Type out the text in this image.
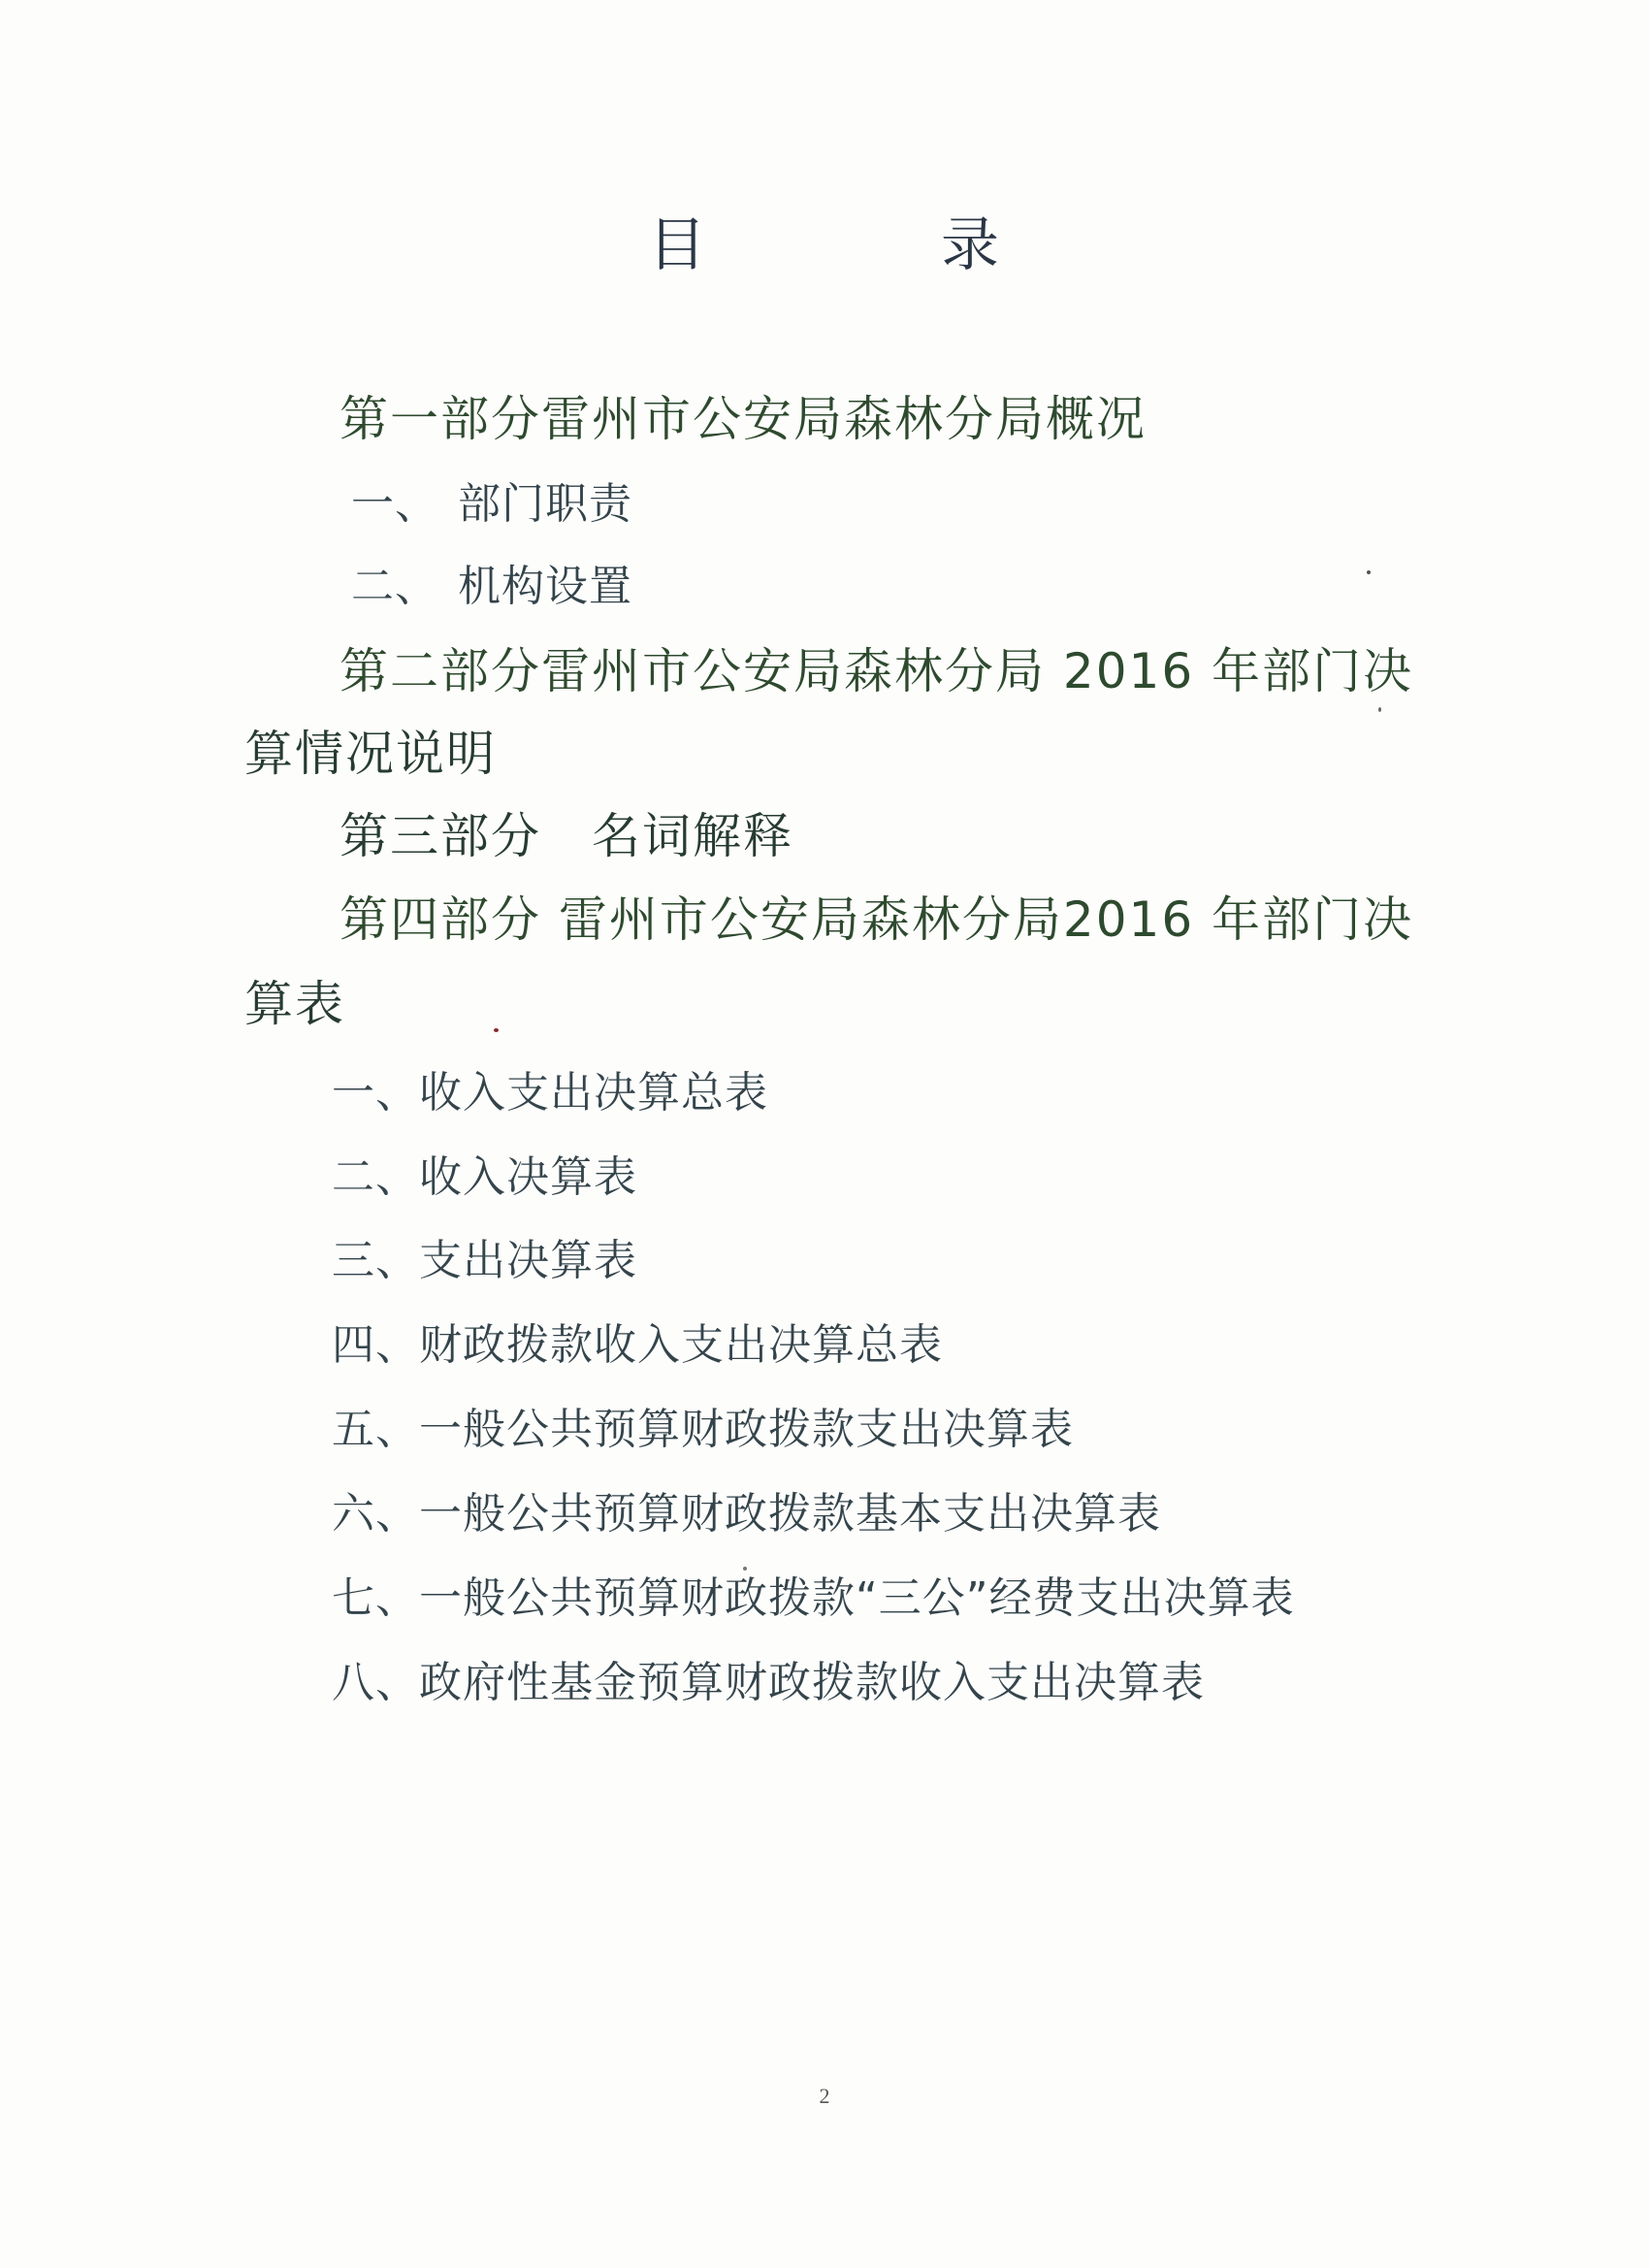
目	录
第一部分雷州市公安局森林分局概况
一、 部门职责
二、 机构设置
第二部分雷州市公安局森林分局 2016 年部门决
算情况说明
第三部分　名词解释
第四部分 雷州市公安局森林分局2016 年部门决
算表
一、收入支出决算总表
二、收入决算表
三、支出决算表
四、财政拨款收入支出决算总表
五、一般公共预算财政拨款支出决算表
六、一般公共预算财政拨款基本支出决算表
七、一般公共预算财政拨款“三公”经费支出决算表
八、政府性基金预算财政拨款收入支出决算表
2
